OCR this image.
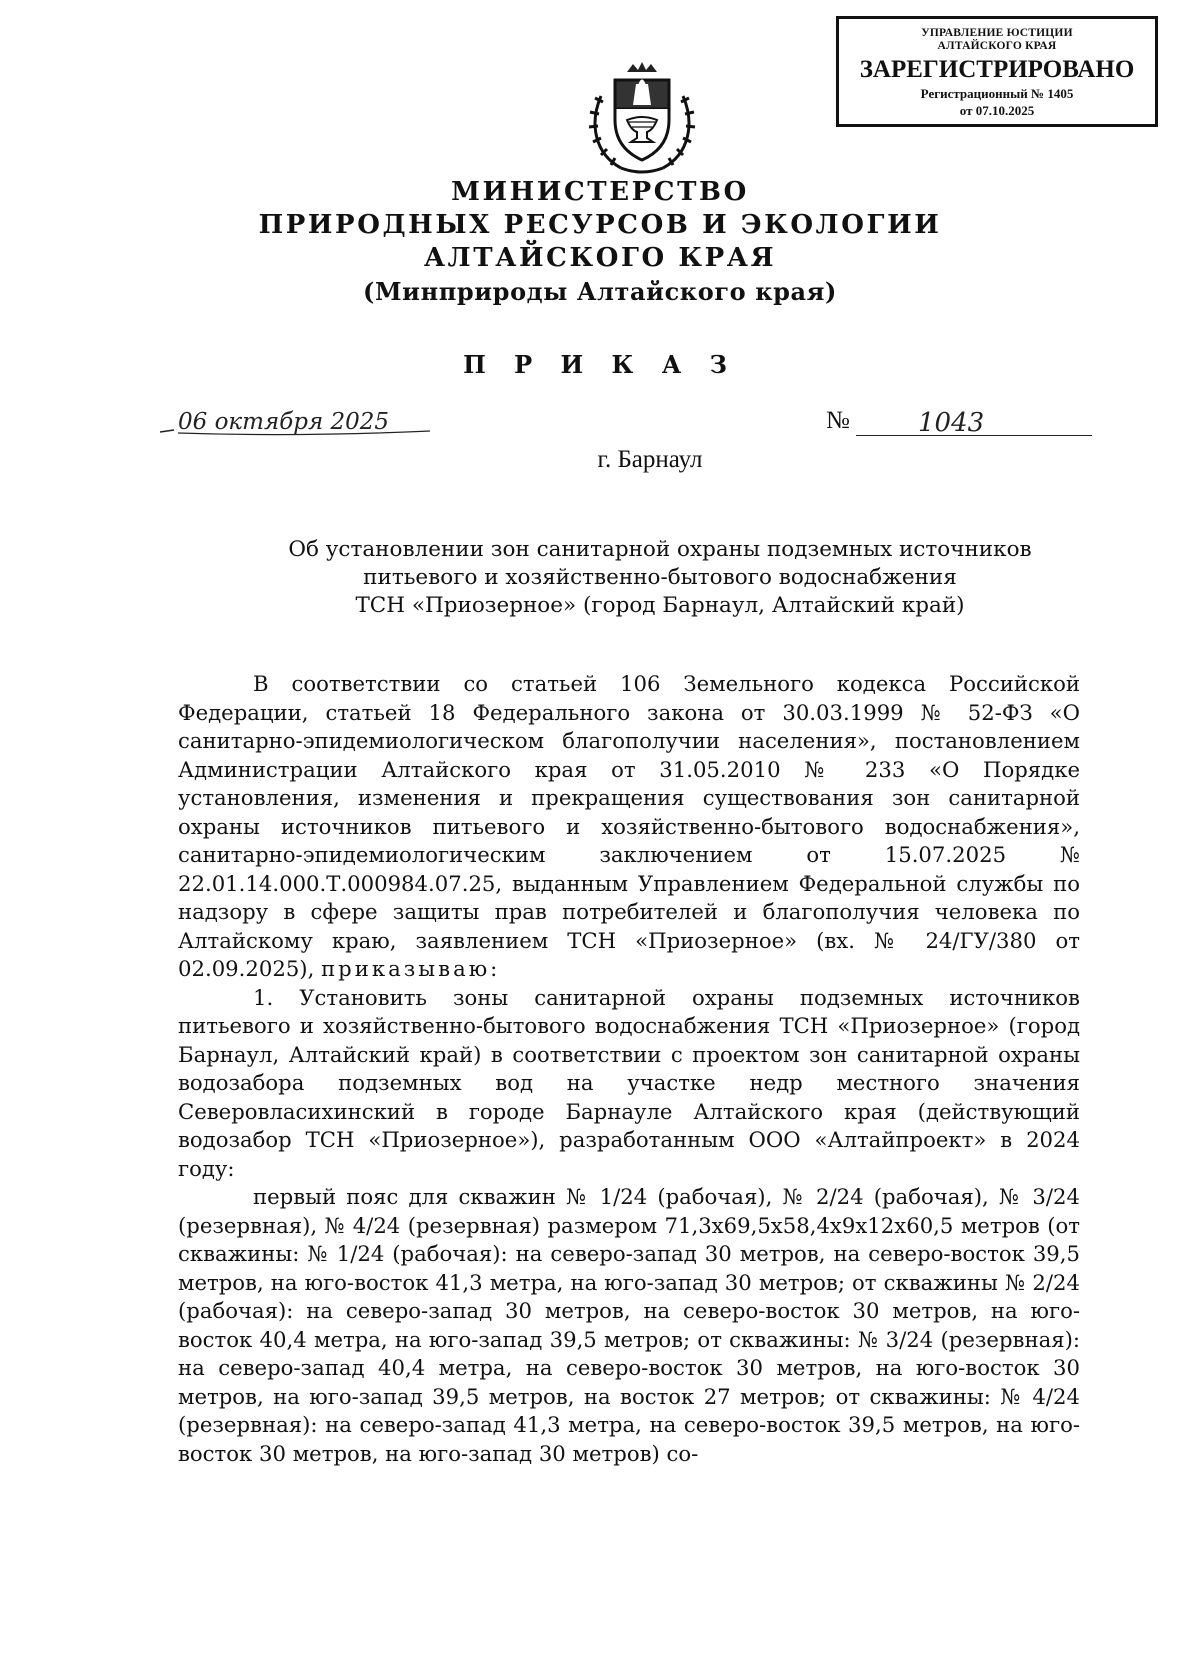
УПРАВЛЕНИЕ ЮСТИЦИИ
АЛТАЙСКОГО КРАЯ
ЗАРЕГИСТРИРОВАНО
Регистрационный № 1405
от 07.10.2025
МИНИСТЕРСТВО
ПРИРОДНЫХ РЕСУРСОВ И ЭКОЛОГИИ
АЛТАЙСКОГО КРАЯ
(Минприроды Алтайского края)
П Р И К А З
06 октября 2025	№	1043
г. Барнаул
Об установлении зон санитарной охраны подземных источников
питьевого и хозяйственно-бытового водоснабжения
ТСН «Приозерное» (город Барнаул, Алтайский край)

В соответствии со статьей 106 Земельного кодекса Российской Федерации, статьей 18 Федерального закона от 30.03.1999 № 52-ФЗ «О санитарно-эпидемиологическом благополучии населения», постановлением Администрации Алтайского края от 31.05.2010 № 233 «О Порядке установления, изменения и прекращения существования зон санитарной охраны источников питьевого и хозяйственно-бытового водоснабжения», санитарно-эпидемиологическим заключением от 15.07.2025 № 22.01.14.000.Т.000984.07.25, выданным Управлением Федеральной службы по надзору в сфере защиты прав потребителей и благополучия человека по Алтайскому краю, заявлением ТСН «Приозерное» (вх. № 24/ГУ/380 от 02.09.2025), приказываю:

1. Установить зоны санитарной охраны подземных источников питьевого и хозяйственно-бытового водоснабжения ТСН «Приозерное» (город Барнаул, Алтайский край) в соответствии с проектом зон санитарной охраны водозабора подземных вод на участке недр местного значения Северовласихинский в городе Барнауле Алтайского края (действующий водозабор ТСН «Приозерное»), разработанным ООО «Алтайпроект» в 2024 году:

первый пояс для скважин № 1/24 (рабочая), № 2/24 (рабочая), № 3/24 (резервная), № 4/24 (резервная) размером 71,3х69,5х58,4х9х12х60,5 метров (от скважины: № 1/24 (рабочая): на северо-запад 30 метров, на северо-восток 39,5 метров, на юго-восток 41,3 метра, на юго-запад 30 метров; от скважины № 2/24 (рабочая): на северо-запад 30 метров, на северо-восток 30 метров, на юго-восток 40,4 метра, на юго-запад 39,5 метров; от скважины: № 3/24 (резервная): на северо-запад 40,4 метра, на северо-восток 30 метров, на юго-восток 30 метров, на юго-запад 39,5 метров, на восток 27 метров; от скважины: № 4/24 (резервная): на северо-запад 41,3 метра, на северо-восток 39,5 метров, на юго-восток 30 метров, на юго-запад 30 метров) со-
